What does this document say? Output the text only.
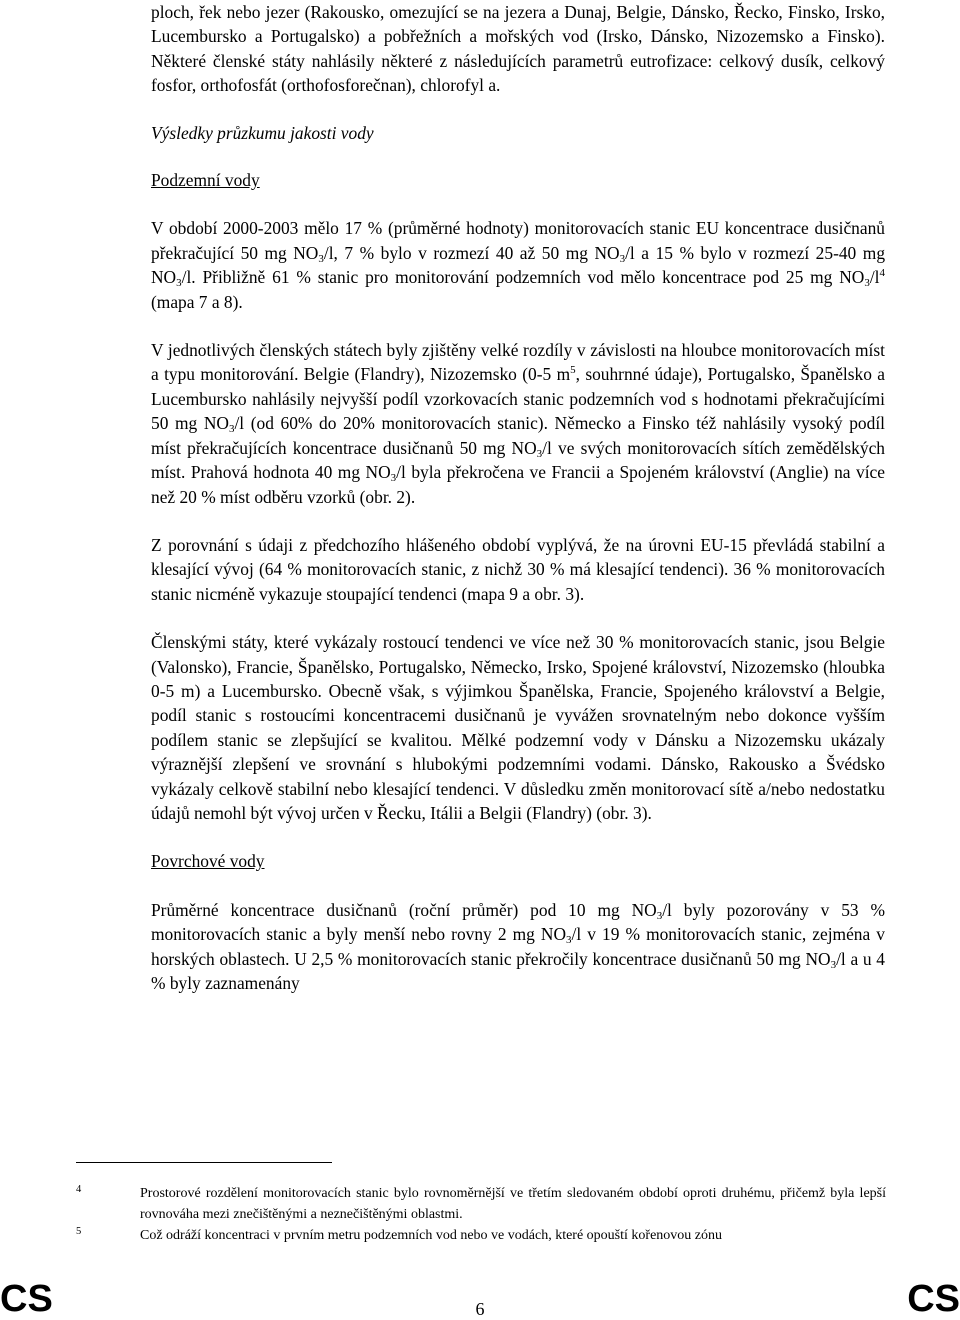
ploch, řek nebo jezer (Rakousko, omezující se na jezera a Dunaj, Belgie, Dánsko, Řecko, Finsko, Irsko, Lucembursko a Portugalsko) a pobřežních a mořských vod (Irsko, Dánsko, Nizozemsko a Finsko). Některé členské státy nahlásily některé z následujících parametrů eutrofizace: celkový dusík, celkový fosfor, orthofosfát (orthofosforečnan), chlorofyl a.

Výsledky průzkumu jakosti vody

Podzemní vody

V období 2000-2003 mělo 17 % (průměrné hodnoty) monitorovacích stanic EU koncentrace dusičnanů překračující 50 mg $NO_3/l$, 7 % bylo v rozmezí 40 až 50 mg $NO_3/l$ a 15 % bylo v rozmezí 25-40 mg $NO_3/l$. Přibližně 61 % stanic pro monitorování podzemních vod mělo koncentrace pod 25 mg $NO_3/l^4$ (mapa 7 a 8).

V jednotlivých členských státech byly zjištěny velké rozdíly v závislosti na hloubce monitorovacích míst a typu monitorování. Belgie (Flandry), Nizozemsko (0-5 $m^5$, souhrnné údaje), Portugalsko, Španělsko a Lucembursko nahlásily nejvyšší podíl vzorkovacích stanic podzemních vod s hodnotami překračujícími 50 mg $NO_3/l$ (od 60% do 20% monitorovacích stanic). Německo a Finsko též nahlásily vysoký podíl míst překračujících koncentrace dusičnanů 50 mg $NO_3/l$ ve svých monitorovacích sítích zemědělských míst. Prahová hodnota 40 mg $NO_3/l$ byla překročena ve Francii a Spojeném království (Anglie) na více než 20 % míst odběru vzorků (obr. 2).

Z porovnání s údaji z předchozího hlášeného období vyplývá, že na úrovni EU-15 převládá stabilní a klesající vývoj (64 % monitorovacích stanic, z nichž 30 % má klesající tendenci). 36 % monitorovacích stanic nicméně vykazuje stoupající tendenci (mapa 9 a obr. 3).

Členskými státy, které vykázaly rostoucí tendenci ve více než 30 % monitorovacích stanic, jsou Belgie (Valonsko), Francie, Španělsko, Portugalsko, Německo, Irsko, Spojené království, Nizozemsko (hloubka 0-5 m) a Lucembursko. Obecně však, s výjimkou Španělska, Francie, Spojeného království a Belgie, podíl stanic s rostoucími koncentracemi dusičnanů je vyvážen srovnatelným nebo dokonce vyšším podílem stanic se zlepšující se kvalitou. Mělké podzemní vody v Dánsku a Nizozemsku ukázaly výraznější zlepšení ve srovnání s hlubokými podzemními vodami. Dánsko, Rakousko a Švédsko vykázaly celkově stabilní nebo klesající tendenci. V důsledku změn monitorovací sítě a/nebo nedostatku údajů nemohl být vývoj určen v Řecku, Itálii a Belgii (Flandry) (obr. 3).

Povrchové vody

Průměrné koncentrace dusičnanů (roční průměr) pod 10 mg $NO_3/l$ byly pozorovány v 53 % monitorovacích stanic a byly menší nebo rovny 2 mg $NO_3/l$ v 19 % monitorovacích stanic, zejména v horských oblastech. U 2,5 % monitorovacích stanic překročily koncentrace dusičnanů 50 mg $NO_3/l$ a u 4 % byly zaznamenány

4	Prostorové rozdělení monitorovacích stanic bylo rovnoměrnější ve třetím sledovaném období oproti druhému, přičemž byla lepší rovnováha mezi znečištěnými a neznečištěnými oblastmi.
5	Což odráží koncentraci v prvním metru podzemních vod nebo ve vodách, které opouští kořenovou zónu
CS	6	CS
